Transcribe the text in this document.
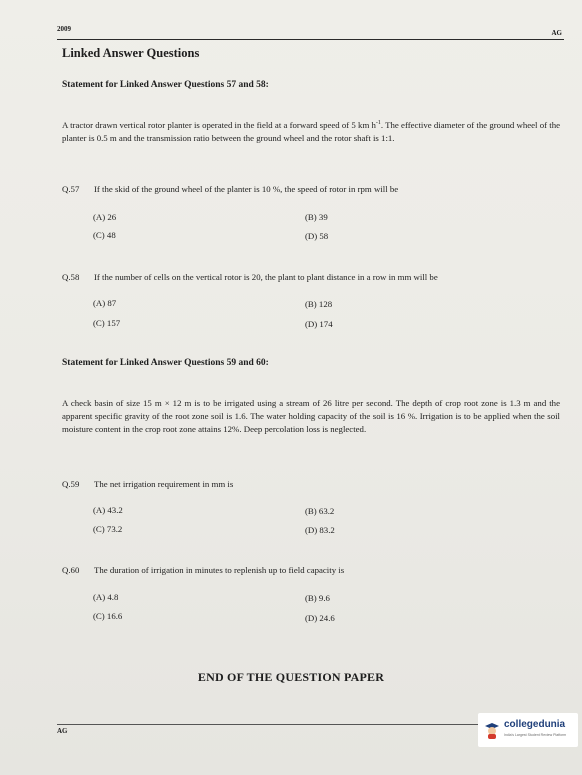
2009	AG
Linked Answer Questions
Statement for Linked Answer Questions 57 and 58:
A tractor drawn vertical rotor planter is operated in the field at a forward speed of 5 km $h^{-1}$. The effective diameter of the ground wheel of the planter is 0.5 m and the transmission ratio between the ground wheel and the rotor shaft is 1:1.
Q.57 If the skid of the ground wheel of the planter is 10 %, the speed of rotor in rpm will be
(A) 26	(B) 39
(C) 48	(D) 58
Q.58 If the number of cells on the vertical rotor is 20, the plant to plant distance in a row in mm will be
(A) 87	(B) 128
(C) 157	(D) 174
Statement for Linked Answer Questions 59 and 60:
A check basin of size 15 m × 12 m is to be irrigated using a stream of 26 litre per second. The depth of crop root zone is 1.3 m and the apparent specific gravity of the root zone soil is 1.6. The water holding capacity of the soil is 16 %. Irrigation is to be applied when the soil moisture content in the crop root zone attains 12%. Deep percolation loss is neglected.
Q.59 The net irrigation requirement in mm is
(A) 43.2	(B) 63.2
(C) 73.2	(D) 83.2
Q.60 The duration of irrigation in minutes to replenish up to field capacity is
(A) 4.8	(B) 9.6
(C) 16.6	(D) 24.6
END OF THE QUESTION PAPER
AG
collegedunia
India's Largest Student Review Platform
